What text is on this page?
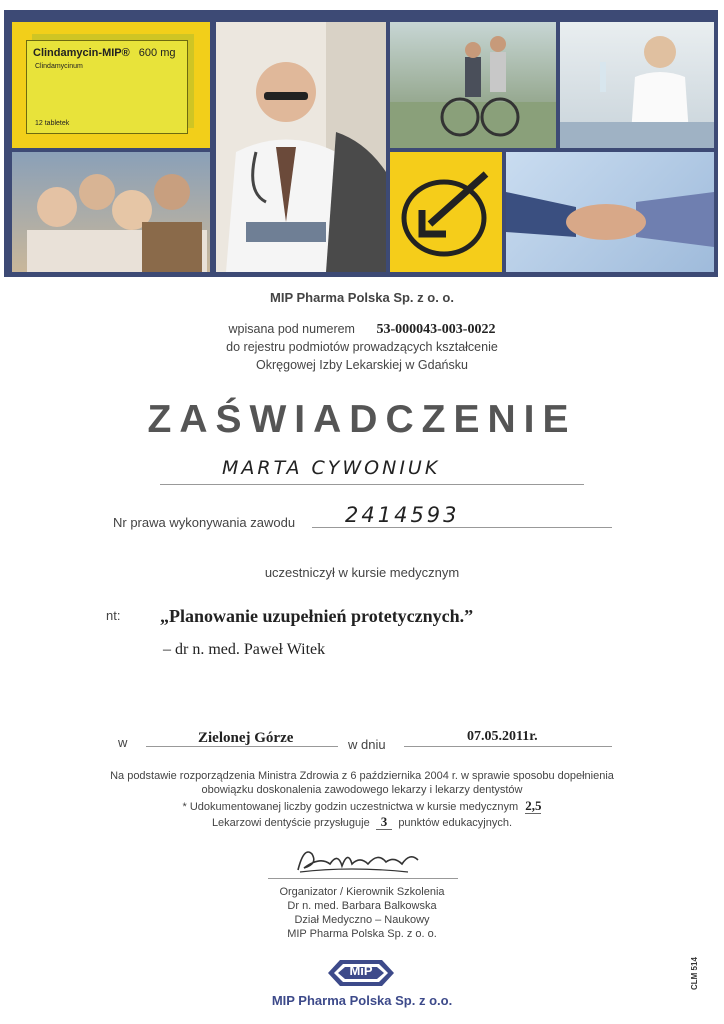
Clindamycin-MIP® 600 mg
Clindamycinum
12 tabletek
MIP Pharma Polska Sp. z o. o.
wpisana pod numerem 53-000043-003-0022
do rejestru podmiotów prowadzących kształcenie
Okręgowej Izby Lekarskiej w Gdańsku
ZAŚWIADCZENIE
MARTA CYWONIUK
Nr prawa wykonywania zawodu 2414593
uczestniczył w kursie medycznym
nt: „Planowanie uzupełnień protetycznych.”
– dr n. med. Paweł Witek
w	Zielonej Górze	w dniu
07.05.2011r.
Na podstawie rozporządzenia Ministra Zdrowia z 6 października 2004 r. w sprawie sposobu dopełnienia
obowiązku doskonalenia zawodowego lekarzy i lekarzy dentystów
* Udokumentowanej liczby godzin uczestnictwa w kursie medycznym 2,5
Lekarzowi dentyście przysługuje 3 punktów edukacyjnych.
Organizator / Kierownik Szkolenia
Dr n. med. Barbara Balkowska
Dział Medyczno – Naukowy
MIP Pharma Polska Sp. z o. o.
MiP
MIP Pharma Polska Sp. z o.o.
CLM 514
